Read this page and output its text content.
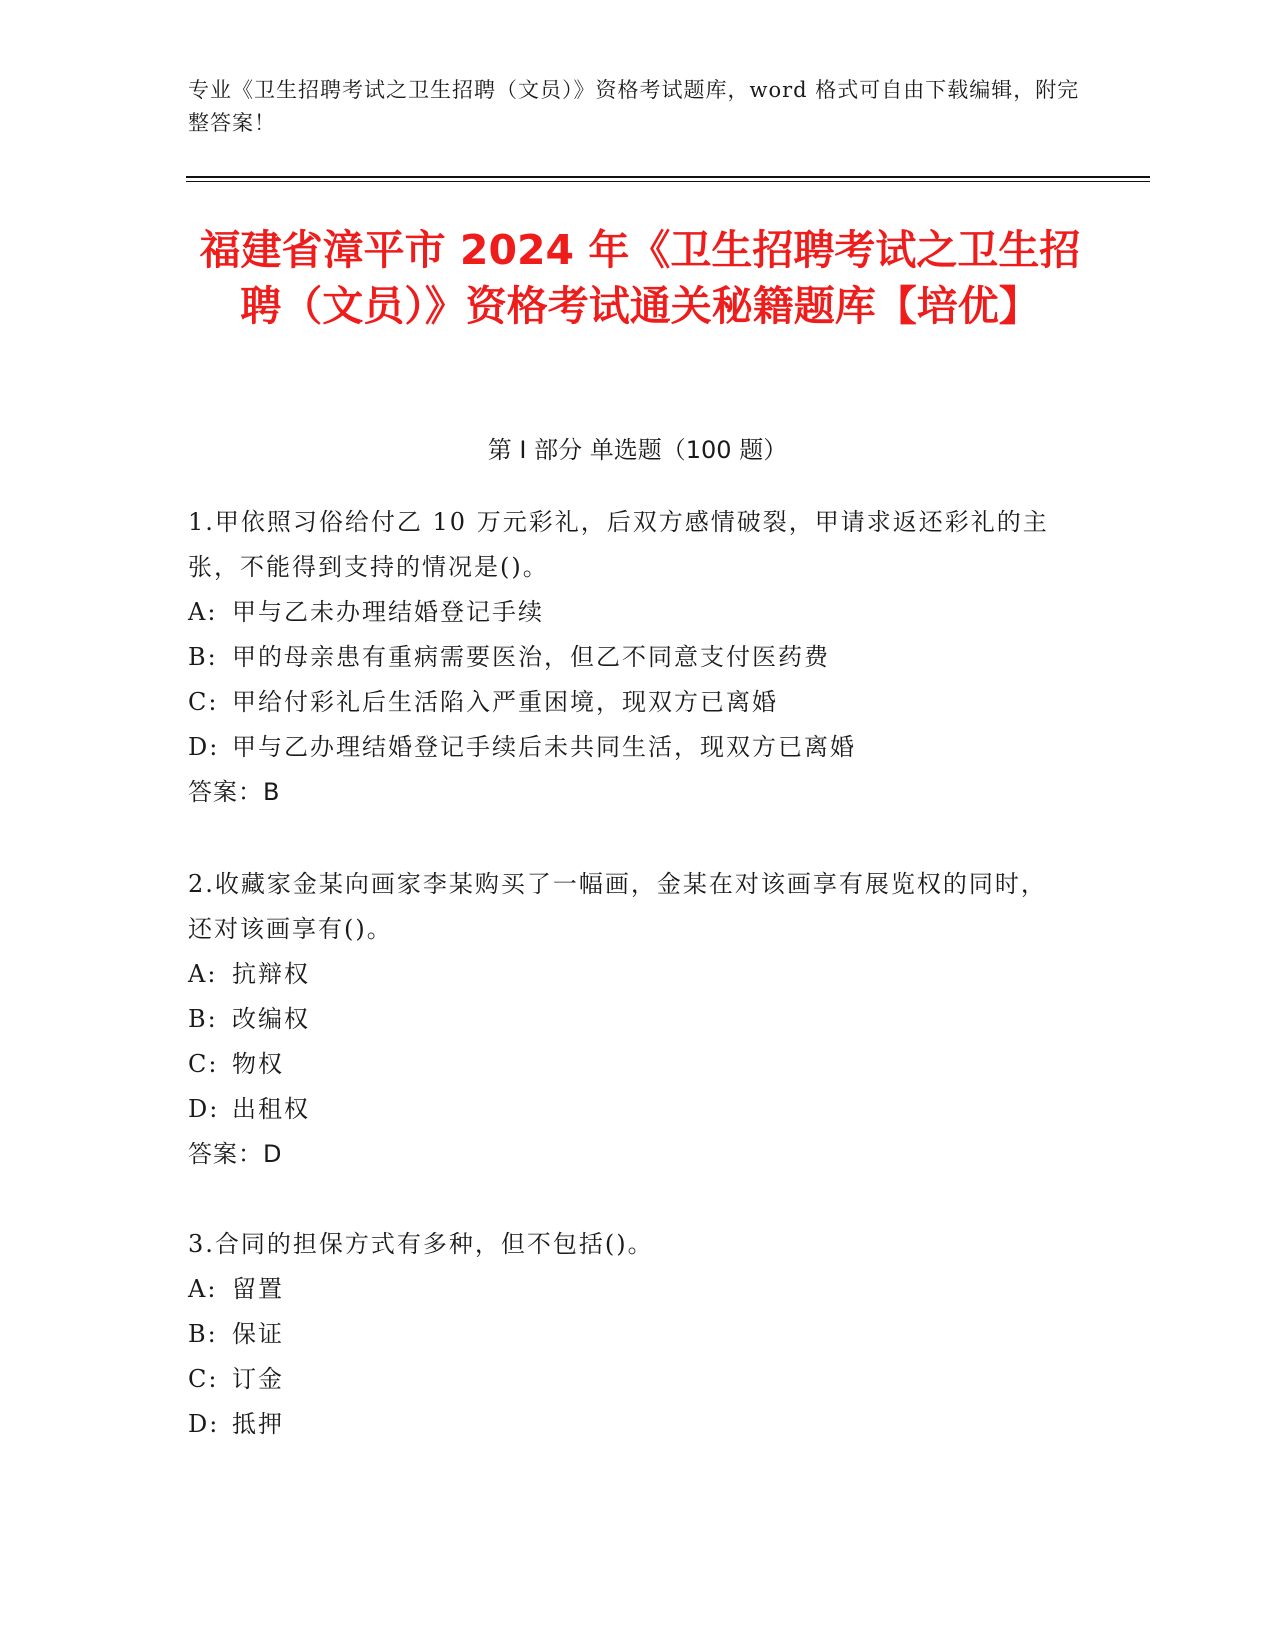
专业《卫生招聘考试之卫生招聘（文员）》资格考试题库，word 格式可自由下载编辑，附完整答案！
福建省漳平市 2024 年《卫生招聘考试之卫生招聘（文员）》资格考试通关秘籍题库【培优】
第 I 部分 单选题（100 题）

1.甲依照习俗给付乙 10 万元彩礼，后双方感情破裂，甲请求返还彩礼的主张，不能得到支持的情况是()。

A: 甲与乙未办理结婚登记手续

B: 甲的母亲患有重病需要医治，但乙不同意支付医药费

C: 甲给付彩礼后生活陷入严重困境，现双方已离婚

D: 甲与乙办理结婚登记手续后未共同生活，现双方已离婚

答案：B

2.收藏家金某向画家李某购买了一幅画，金某在对该画享有展览权的同时，还对该画享有()。

A: 抗辩权

B: 改编权

C: 物权

D: 出租权

答案：D

3.合同的担保方式有多种，但不包括()。

A: 留置

B: 保证

C: 订金

D: 抵押
